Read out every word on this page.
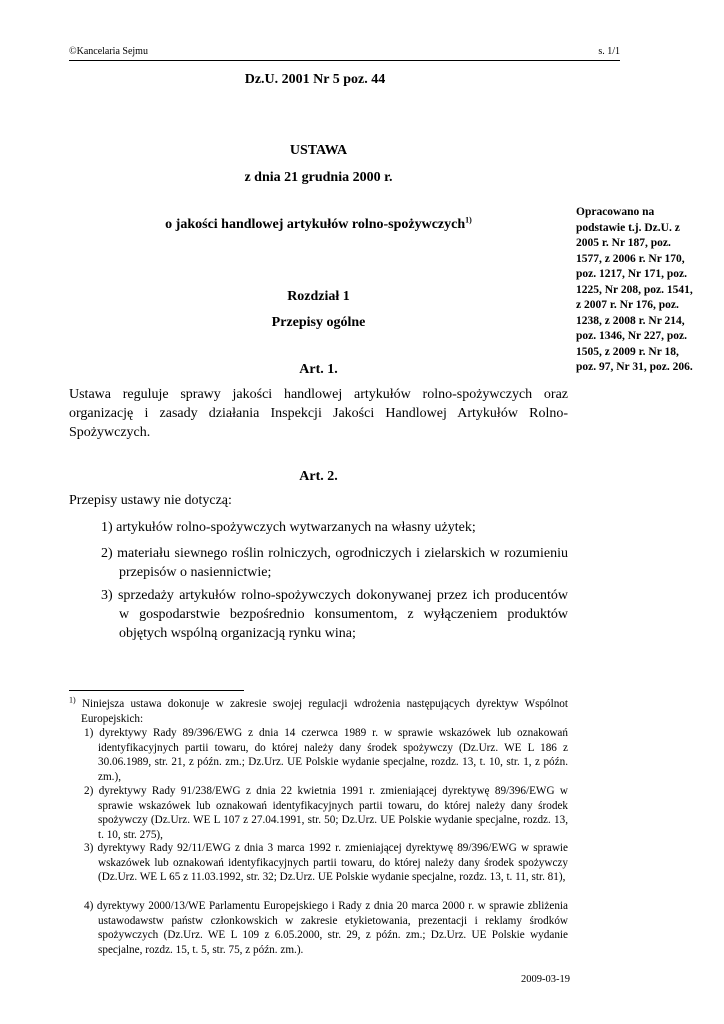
©Kancelaria Sejmu	s. 1/1
Dz.U. 2001 Nr 5 poz. 44
USTAWA
z dnia 21 grudnia 2000 r.
o jakości handlowej artykułów rolno-spożywczych$^{1)}$
Opracowano na podstawie t.j. Dz.U. z 2005 r. Nr 187, poz. 1577, z 2006 r. Nr 170, poz. 1217, Nr 171, poz. 1225, Nr 208, poz. 1541, z 2007 r. Nr 176, poz. 1238, z 2008 r. Nr 214, poz. 1346, Nr 227, poz. 1505, z 2009 r. Nr 18, poz. 97, Nr 31, poz. 206.
Rozdział 1
Przepisy ogólne
Art. 1.
Ustawa reguluje sprawy jakości handlowej artykułów rolno-spożywczych oraz organizację i zasady działania Inspekcji Jakości Handlowej Artykułów Rolno-Spożywczych.
Art. 2.
Przepisy ustawy nie dotyczą:
1) artykułów rolno-spożywczych wytwarzanych na własny użytek;
2) materiału siewnego roślin rolniczych, ogrodniczych i zielarskich w rozumieniu przepisów o nasiennictwie;
3) sprzedaży artykułów rolno-spożywczych dokonywanej przez ich producentów w gospodarstwie bezpośrednio konsumentom, z wyłączeniem produktów objętych wspólną organizacją rynku wina;
$^{1)}$ Niniejsza ustawa dokonuje w zakresie swojej regulacji wdrożenia następujących dyrektyw Wspólnot Europejskich:
1) dyrektywy Rady 89/396/EWG z dnia 14 czerwca 1989 r. w sprawie wskazówek lub oznakowań identyfikacyjnych partii towaru, do której należy dany środek spożywczy (Dz.Urz. WE L 186 z 30.06.1989, str. 21, z późn. zm.; Dz.Urz. UE Polskie wydanie specjalne, rozdz. 13, t. 10, str. 1, z późn. zm.),
2) dyrektywy Rady 91/238/EWG z dnia 22 kwietnia 1991 r. zmieniającej dyrektywę 89/396/EWG w sprawie wskazówek lub oznakowań identyfikacyjnych partii towaru, do której należy dany środek spożywczy (Dz.Urz. WE L 107 z 27.04.1991, str. 50; Dz.Urz. UE Polskie wydanie specjalne, rozdz. 13, t. 10, str. 275),
3) dyrektywy Rady 92/11/EWG z dnia 3 marca 1992 r. zmieniającej dyrektywę 89/396/EWG w sprawie wskazówek lub oznakowań identyfikacyjnych partii towaru, do której należy dany środek spożywczy (Dz.Urz. WE L 65 z 11.03.1992, str. 32; Dz.Urz. UE Polskie wydanie specjalne, rozdz. 13, t. 11, str. 81),
4) dyrektywy 2000/13/WE Parlamentu Europejskiego i Rady z dnia 20 marca 2000 r. w sprawie zbliżenia ustawodawstw państw członkowskich w zakresie etykietowania, prezentacji i reklamy środków spożywczych (Dz.Urz. WE L 109 z 6.05.2000, str. 29, z późn. zm.; Dz.Urz. UE Polskie wydanie specjalne, rozdz. 15, t. 5, str. 75, z późn. zm.).
2009-03-19
